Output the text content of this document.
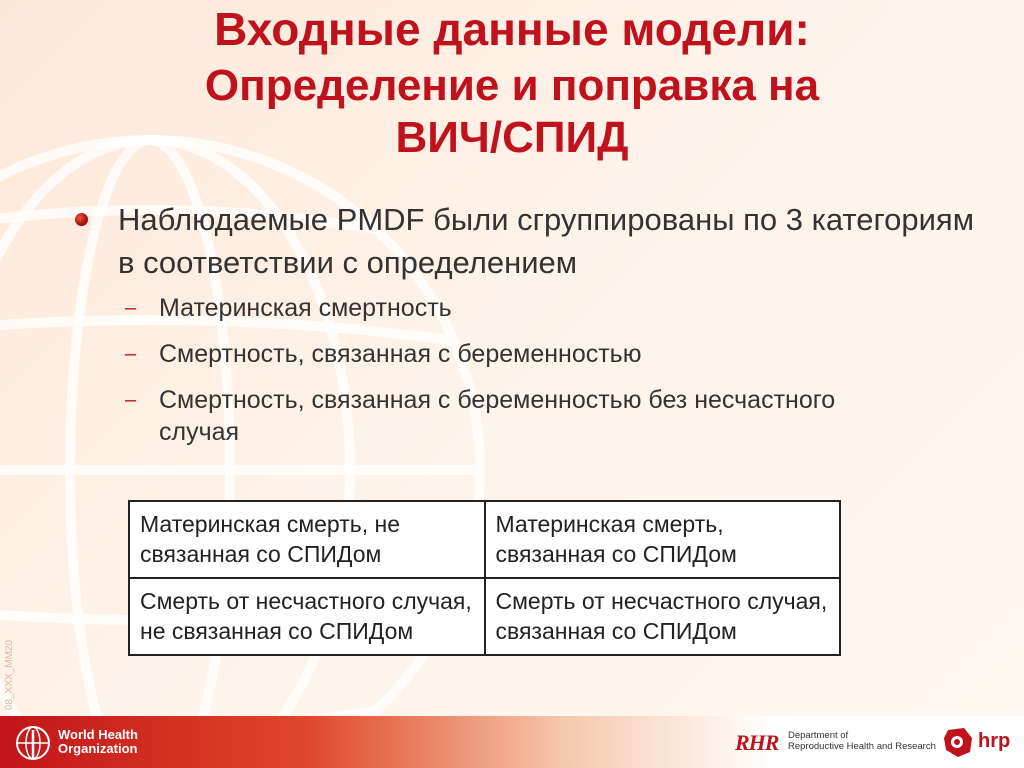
Входные данные модели:
Определение и поправка на
ВИЧ/СПИД
Наблюдаемые PMDF были сгруппированы по 3 категориям в соответствии с определением
– Материнская смертность
– Смертность, связанная с беременностью
– Смертность, связанная с беременностью без несчастного случая
Материнская смерть, не связанная со СПИДом	Материнская смерть, связанная со СПИДом
Смерть от несчастного случая, не связанная со СПИДом	Смерть от несчастного случая, связанная со СПИДом
08_XXX_MM20
World Health
Organization	RHR Department of
Reproductive Health and Research hrp
